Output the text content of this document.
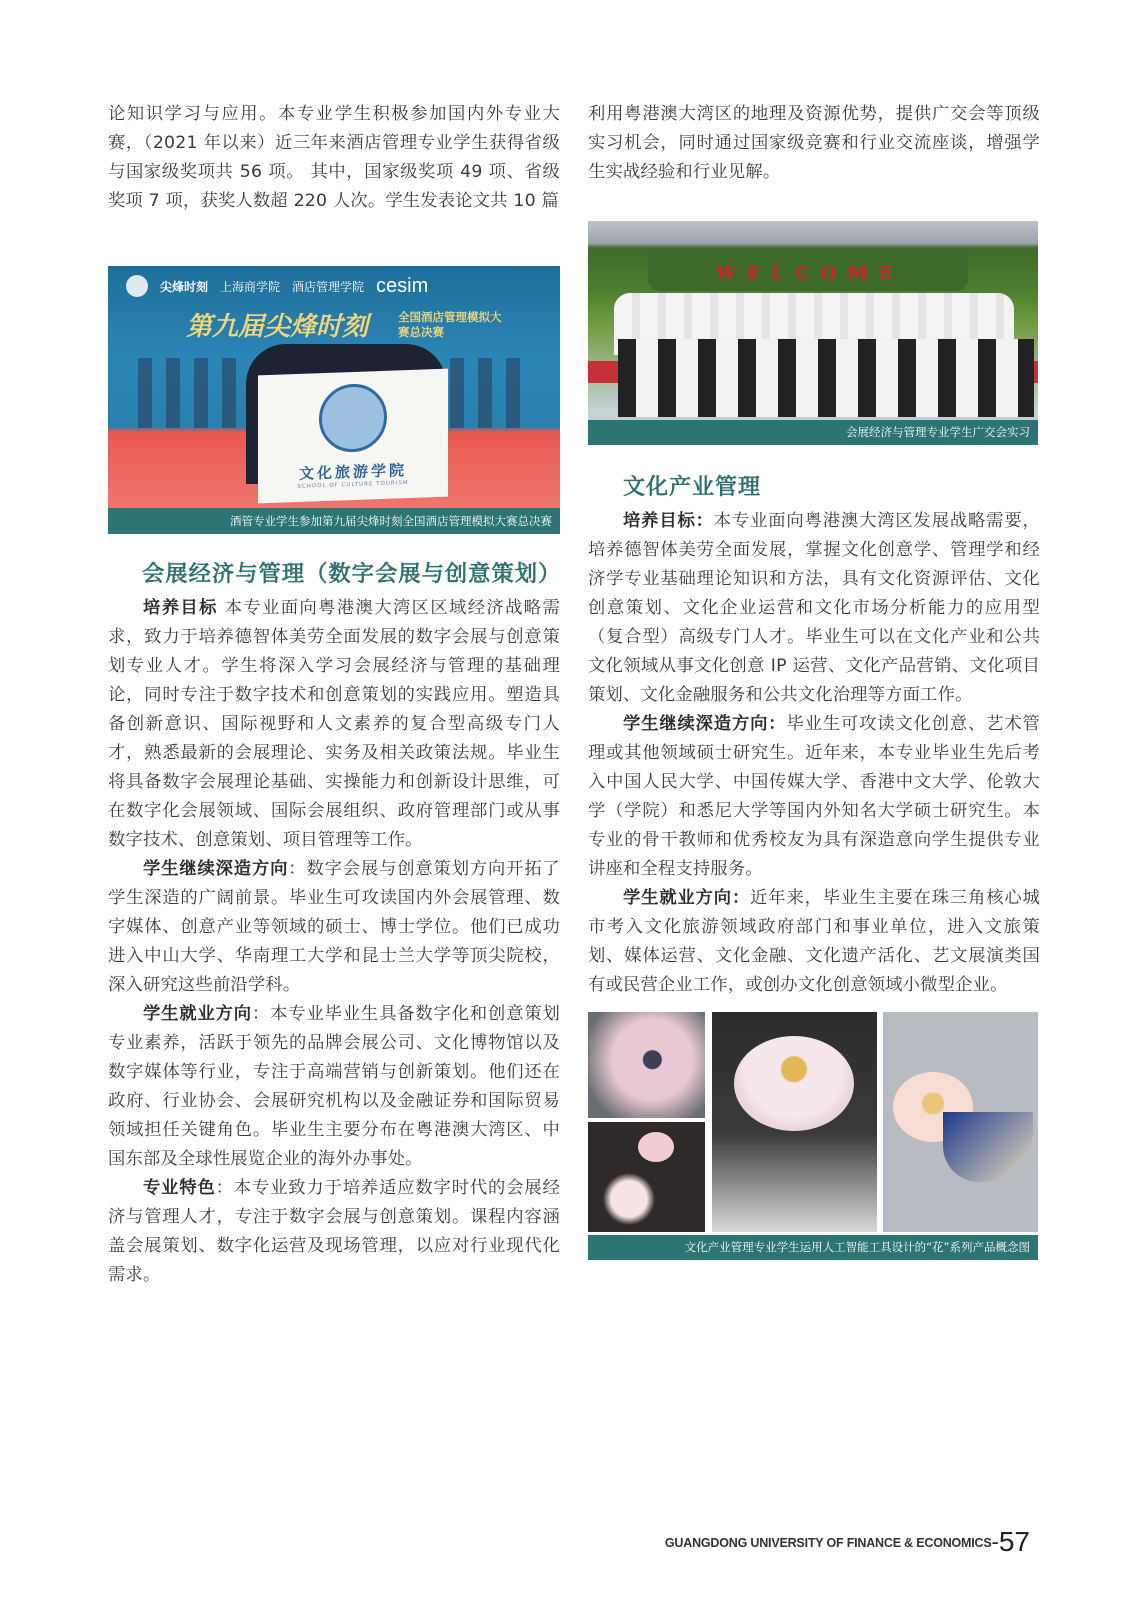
论知识学习与应用。本专业学生积极参加国内外专业大赛，（2021 年以来）近三年来酒店管理专业学生获得省级与国家级奖项共 56 项。 其中，国家级奖项 49 项、省级奖项 7 项，获奖人数超 220 人次。学生发表论文共 10 篇

尖烽时刻 上海商学院 酒店管理学院 cesim
第九届尖烽时刻	全国酒店管理模拟大赛总决赛
文化旅游学院
SCHOOL OF CULTURE TOURISM
酒管专业学生参加第九届尖烽时刻全国酒店管理模拟大赛总决赛
会展经济与管理（数字会展与创意策划）

培养目标 本专业面向粤港澳大湾区区域经济战略需求，致力于培养德智体美劳全面发展的数字会展与创意策划专业人才。学生将深入学习会展经济与管理的基础理论，同时专注于数字技术和创意策划的实践应用。塑造具备创新意识、国际视野和人文素养的复合型高级专门人才，熟悉最新的会展理论、实务及相关政策法规。毕业生将具备数字会展理论基础、实操能力和创新设计思维，可在数字化会展领域、国际会展组织、政府管理部门或从事数字技术、创意策划、项目管理等工作。

学生继续深造方向：数字会展与创意策划方向开拓了学生深造的广阔前景。毕业生可攻读国内外会展管理、数字媒体、创意产业等领域的硕士、博士学位。他们已成功进入中山大学、华南理工大学和昆士兰大学等顶尖院校，深入研究这些前沿学科。

学生就业方向：本专业毕业生具备数字化和创意策划专业素养，活跃于领先的品牌会展公司、文化博物馆以及数字媒体等行业，专注于高端营销与创新策划。他们还在政府、行业协会、会展研究机构以及金融证券和国际贸易领域担任关键角色。毕业生主要分布在粤港澳大湾区、中国东部及全球性展览企业的海外办事处。

专业特色：本专业致力于培养适应数字时代的会展经济与管理人才，专注于数字会展与创意策划。课程内容涵盖会展策划、数字化运营及现场管理，以应对行业现代化需求。

利用粤港澳大湾区的地理及资源优势，提供广交会等顶级实习机会，同时通过国家级竞赛和行业交流座谈，增强学生实战经验和行业见解。

WELCOME
会展经济与管理专业学生广交会实习
文化产业管理

培养目标：本专业面向粤港澳大湾区发展战略需要，培养德智体美劳全面发展，掌握文化创意学、管理学和经济学专业基础理论知识和方法，具有文化资源评估、文化创意策划、文化企业运营和文化市场分析能力的应用型（复合型）高级专门人才。毕业生可以在文化产业和公共文化领域从事文化创意 IP 运营、文化产品营销、文化项目策划、文化金融服务和公共文化治理等方面工作。

学生继续深造方向：毕业生可攻读文化创意、艺术管理或其他领域硕士研究生。近年来，本专业毕业生先后考入中国人民大学、中国传媒大学、香港中文大学、伦敦大学（学院）和悉尼大学等国内外知名大学硕士研究生。本专业的骨干教师和优秀校友为具有深造意向学生提供专业讲座和全程支持服务。

学生就业方向：近年来，毕业生主要在珠三角核心城市考入文化旅游领域政府部门和事业单位，进入文旅策划、媒体运营、文化金融、文化遗产活化、艺文展演类国有或民营企业工作，或创办文化创意领域小微型企业。

文化产业管理专业学生运用人工智能工具设计的“花”系列产品概念图
GUANGDONG UNIVERSITY OF FINANCE & ECONOMICS - 57
